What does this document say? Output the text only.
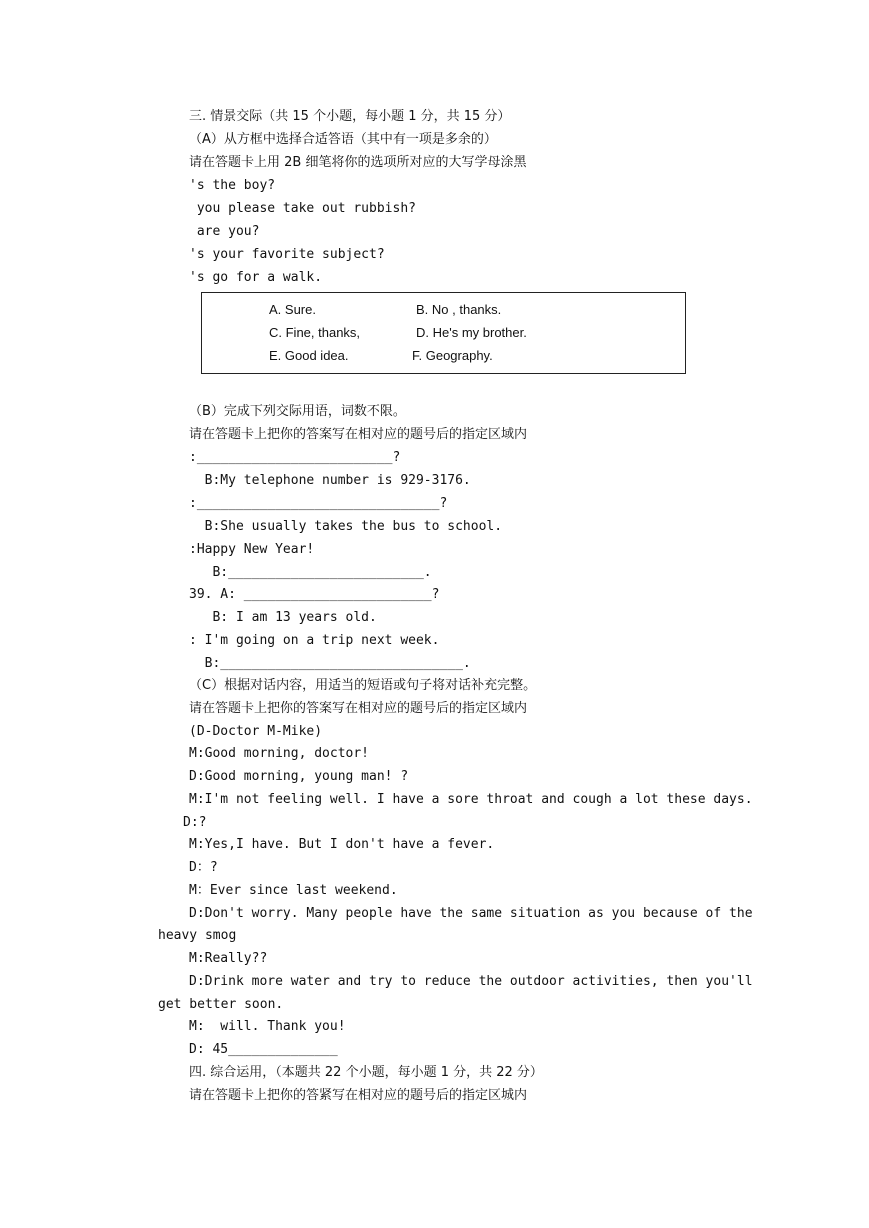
三. 情景交际（共 15 个小题，每小题 1 分，共 15 分）
（A）从方框中选择合适答语（其中有一项是多余的）
请在答题卡上用 2B 细笔将你的选项所对应的大写学母涂黑
's the boy?
you please take out rubbish?
are you?
's your favorite subject?
's go for a walk.
A. Sure.	B. No , thanks.
C. Fine, thanks,	D. He's my brother.
E. Good idea.	F. Geography.
（B）完成下列交际用语，词数不限。
请在答题卡上把你的答案写在相对应的题号后的指定区域内
:_________________________?
B:My telephone number is 929-3176.
:_______________________________?
B:She usually takes the bus to school.
:Happy New Year!
B:_________________________.
39. A: ________________________?
B: I am 13 years old.
: I'm going on a trip next week.
B:_______________________________.
（C）根据对话内容，用适当的短语或句子将对话补充完整。
请在答题卡上把你的答案写在相对应的题号后的指定区域内
(D-Doctor M-Mike)
M:Good morning, doctor!
D:Good morning, young man! ?
M:I'm not feeling well. I have a sore throat and cough a lot these days.
D:?
M:Yes,I have. But I don't have a fever.
D：?
M：Ever since last weekend.
D:Don't worry. Many people have the same situation as you because of the
heavy smog
M:Really??
D:Drink more water and try to reduce the outdoor activities, then you'll
get better soon.
M:  will. Thank you!
D: 45______________
四. 综合运用，（本题共 22 个小题，每小题 1 分，共 22 分）
请在答题卡上把你的答紧写在相对应的题号后的指定区城内
